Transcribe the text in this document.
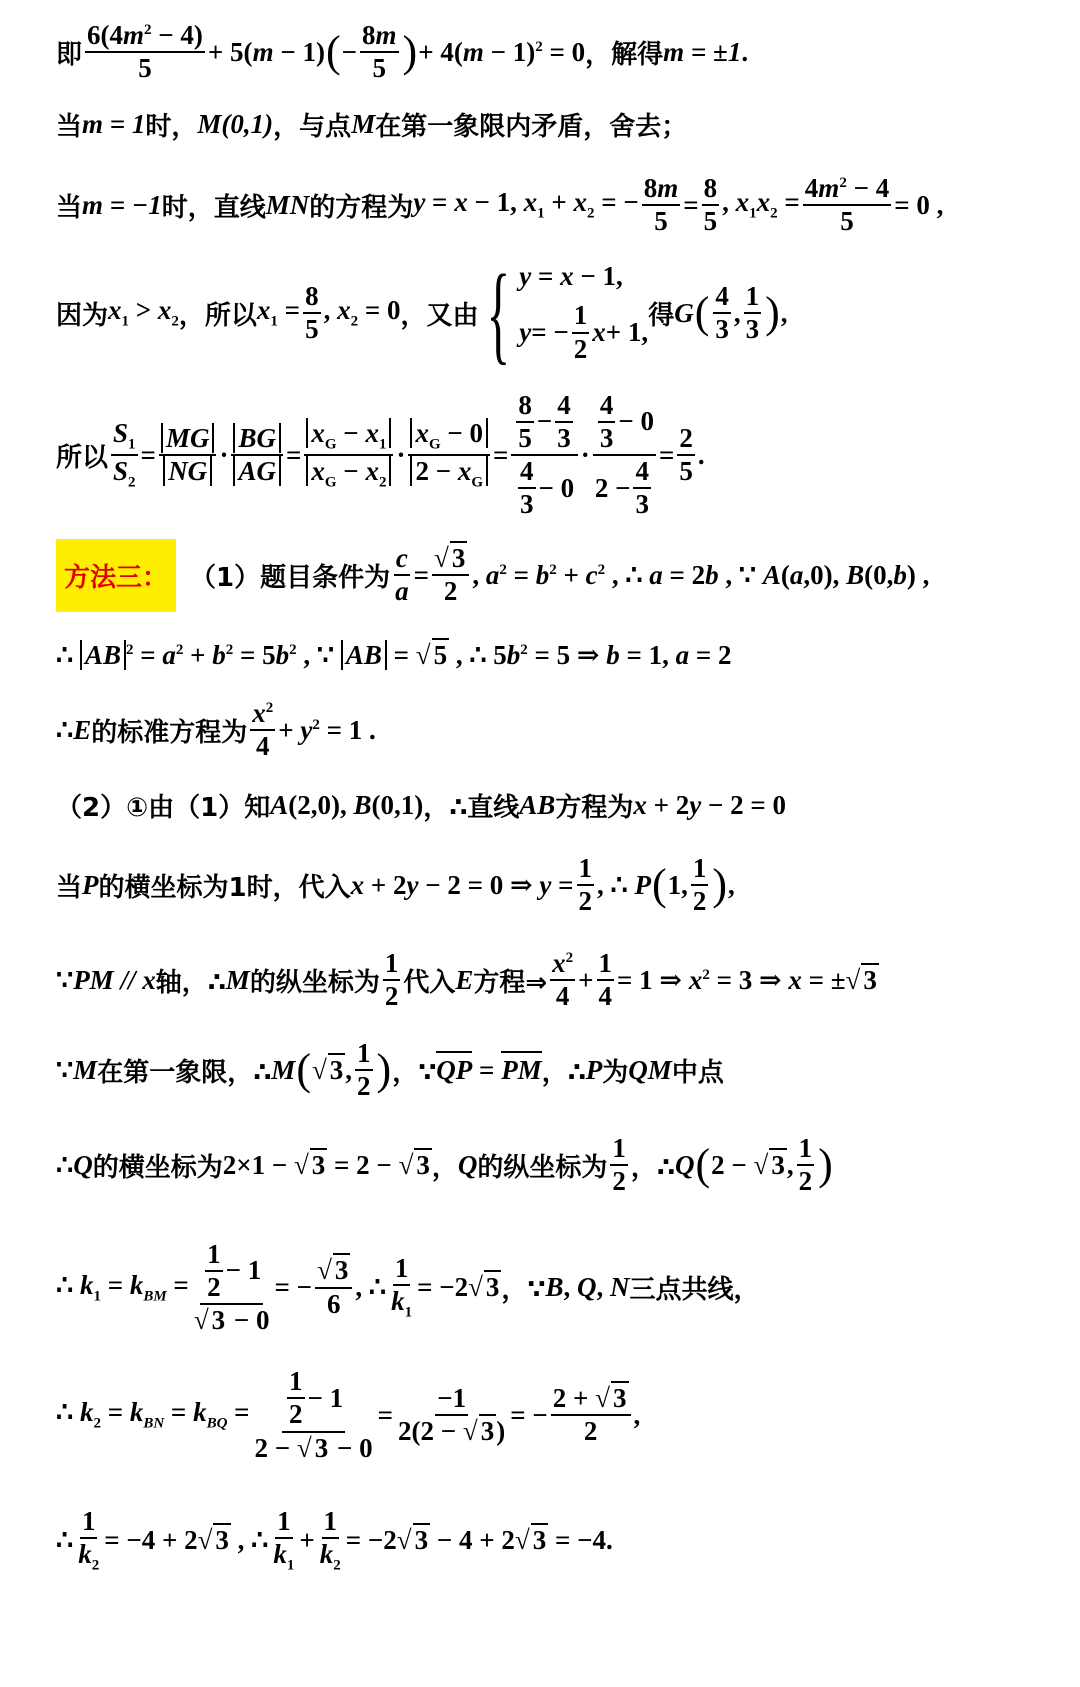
即 $\frac{6(4m^2 - 4)}{5} + 5(m - 1)$ ( − $\frac{8m}{5}$ ) + $4(m - 1)^2 = 0$ ，解得 m = ±1 .
当 m = 1 时， M(0,1) ，与点 M 在第一象限内矛盾，舍去；
当 m = −1 时，直线 MN 的方程为 y = x − 1, $x_1 + x_2$ = − $\frac{8m}{5} = \frac{8}{5}$ , $x_1x_2 = \frac{4m^2 - 4}{5} = 0$ ,
因为 $x_1 > x_2$ ，所以 $x_1 = \frac{8}{5}$ , $x_2 = 0$ ，又由 { y = x − 1,
y = − $\frac{1}{2}$ x + 1,
得 G ( $\frac{4}{3}$ , $\frac{1}{3}$ ) ,
所以 $\frac{S_1}{S_2} = \frac{MG}{NG} \cdot \frac{BG}{AG} = \frac{x_G - x_1}{x_G - x_2} \cdot \frac{x_G - 0}{2 - x_G} = \frac{\frac{8}{5} - \frac{4}{3}}{\frac{4}{3} - 0} \cdot \frac{\frac{4}{3} - 0}{2 - \frac{4}{3}} = \frac{2}{5}$ .
方法三： （1）题目条件为 $\frac{c}{a} = \frac{√ 3}{2}$ , $a^2 = b^2 + c^2$ , ∴ a = 2b , ∵ A(a,0), B(0,b) ,
∴ AB $^2 = a^2 + b^2 = 5b^2$ , ∵ AB = √ 5 , ∴ $5b^2 = 5$ ⇒ b = 1, a = 2
∴ E 的标准方程为 $\frac{x^2}{4} + y^2 = 1$ .
（2）①由（1）知 A(2,0), B(0,1) ，∴直线 AB 方程为 x + 2y − 2 = 0
当 P 的横坐标为1时，代入 x + 2y − 2 = 0 ⇒ $y = \frac{1}{2}$ , ∴ P ( 1, $\frac{1}{2}$ ) ,
∵ PM // x 轴，∴ M 的纵坐标为 $\frac{1}{2}$ 代入 E 方程⇒ $\frac{x^2}{4} + \frac{1}{4} = 1$ ⇒ $x^2 = 3$ ⇒ x = ±√ 3
∵ M 在第一象限，∴ M ( √ 3, $\frac{1}{2}$ ) ，∵ QP = PM ，∴ P 为 QM 中点
∴ Q 的横坐标为 2×1 − √ 3 = 2 − √ 3 ， Q 的纵坐标为 $\frac{1}{2}$ ，∴ Q ( 2 − √ 3, $\frac{1}{2}$ )
∴ $k_1 = k_{BM} = \frac{\frac{1}{2} - 1}{√ 3 - 0}$ = − $\frac{√ 3}{6}$ , ∴ $\frac{1}{k_1} = -2√$ 3 ，∵ B, Q, N 三点共线，
∴ $k_2 = k_{BN} = k_{BQ} = \frac{\frac{1}{2} - 1}{2 - √ 3 - 0} = \frac{-1}{2(2 - √ 3)}$ = − $\frac{2 + √ 3}{2}$ ,
∴ $\frac{1}{k_2} = -4 + 2√$ 3 , ∴ $\frac{1}{k_1} + \frac{1}{k_2} = -2√$ 3 − 4 + 2√ 3 = −4.
